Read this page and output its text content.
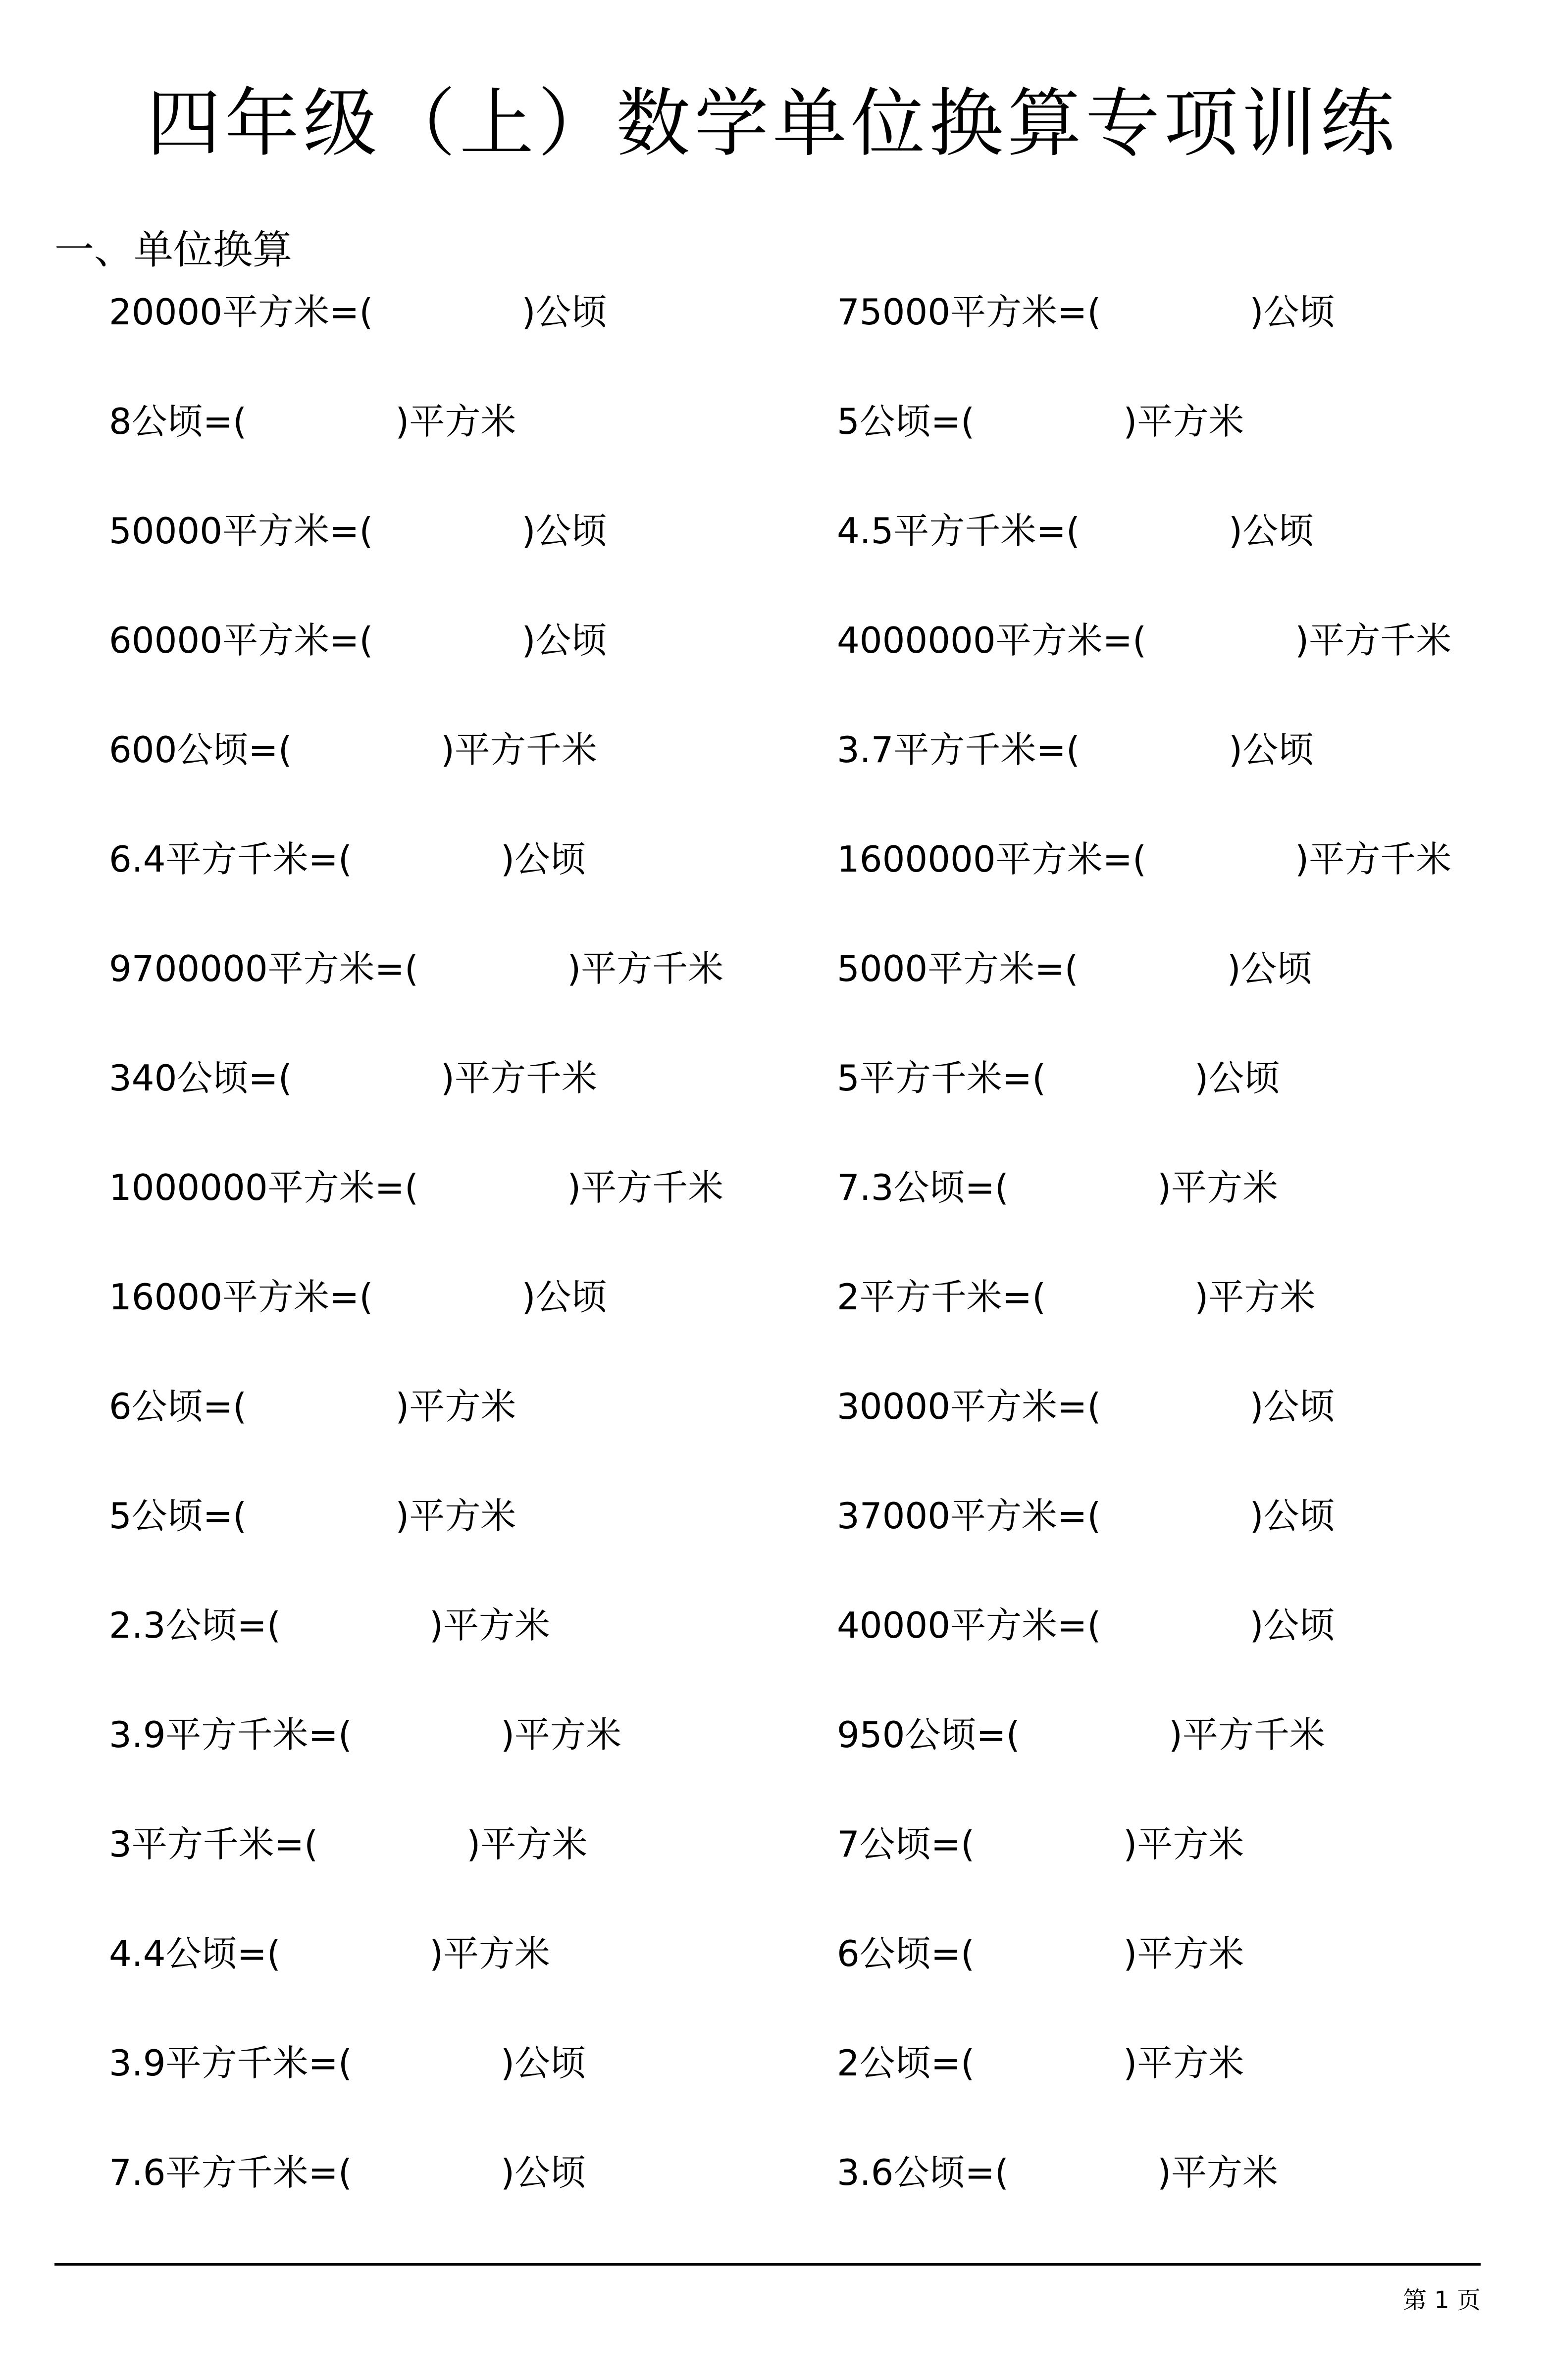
四年级（上）数学单位换算专项训练
一、单位换算
20000平方米=(	)公顷	75000平方米=(	)公顷
8公顷=(	)平方米	5公顷=(	)平方米
50000平方米=(	)公顷	4.5平方千米=(	)公顷
60000平方米=(	)公顷	4000000平方米=(	)平方千米
600公顷=(	)平方千米	3.7平方千米=(	)公顷
6.4平方千米=(	)公顷	1600000平方米=(	)平方千米
9700000平方米=(	)平方千米	5000平方米=(	)公顷
340公顷=(	)平方千米	5平方千米=(	)公顷
1000000平方米=(	)平方千米	7.3公顷=(	)平方米
16000平方米=(	)公顷	2平方千米=(	)平方米
6公顷=(	)平方米	30000平方米=(	)公顷
5公顷=(	)平方米	37000平方米=(	)公顷
2.3公顷=(	)平方米	40000平方米=(	)公顷
3.9平方千米=(	)平方米	950公顷=(	)平方千米
3平方千米=(	)平方米	7公顷=(	)平方米
4.4公顷=(	)平方米	6公顷=(	)平方米
3.9平方千米=(	)公顷	2公顷=(	)平方米
7.6平方千米=(	)公顷	3.6公顷=(	)平方米
第 1 页
